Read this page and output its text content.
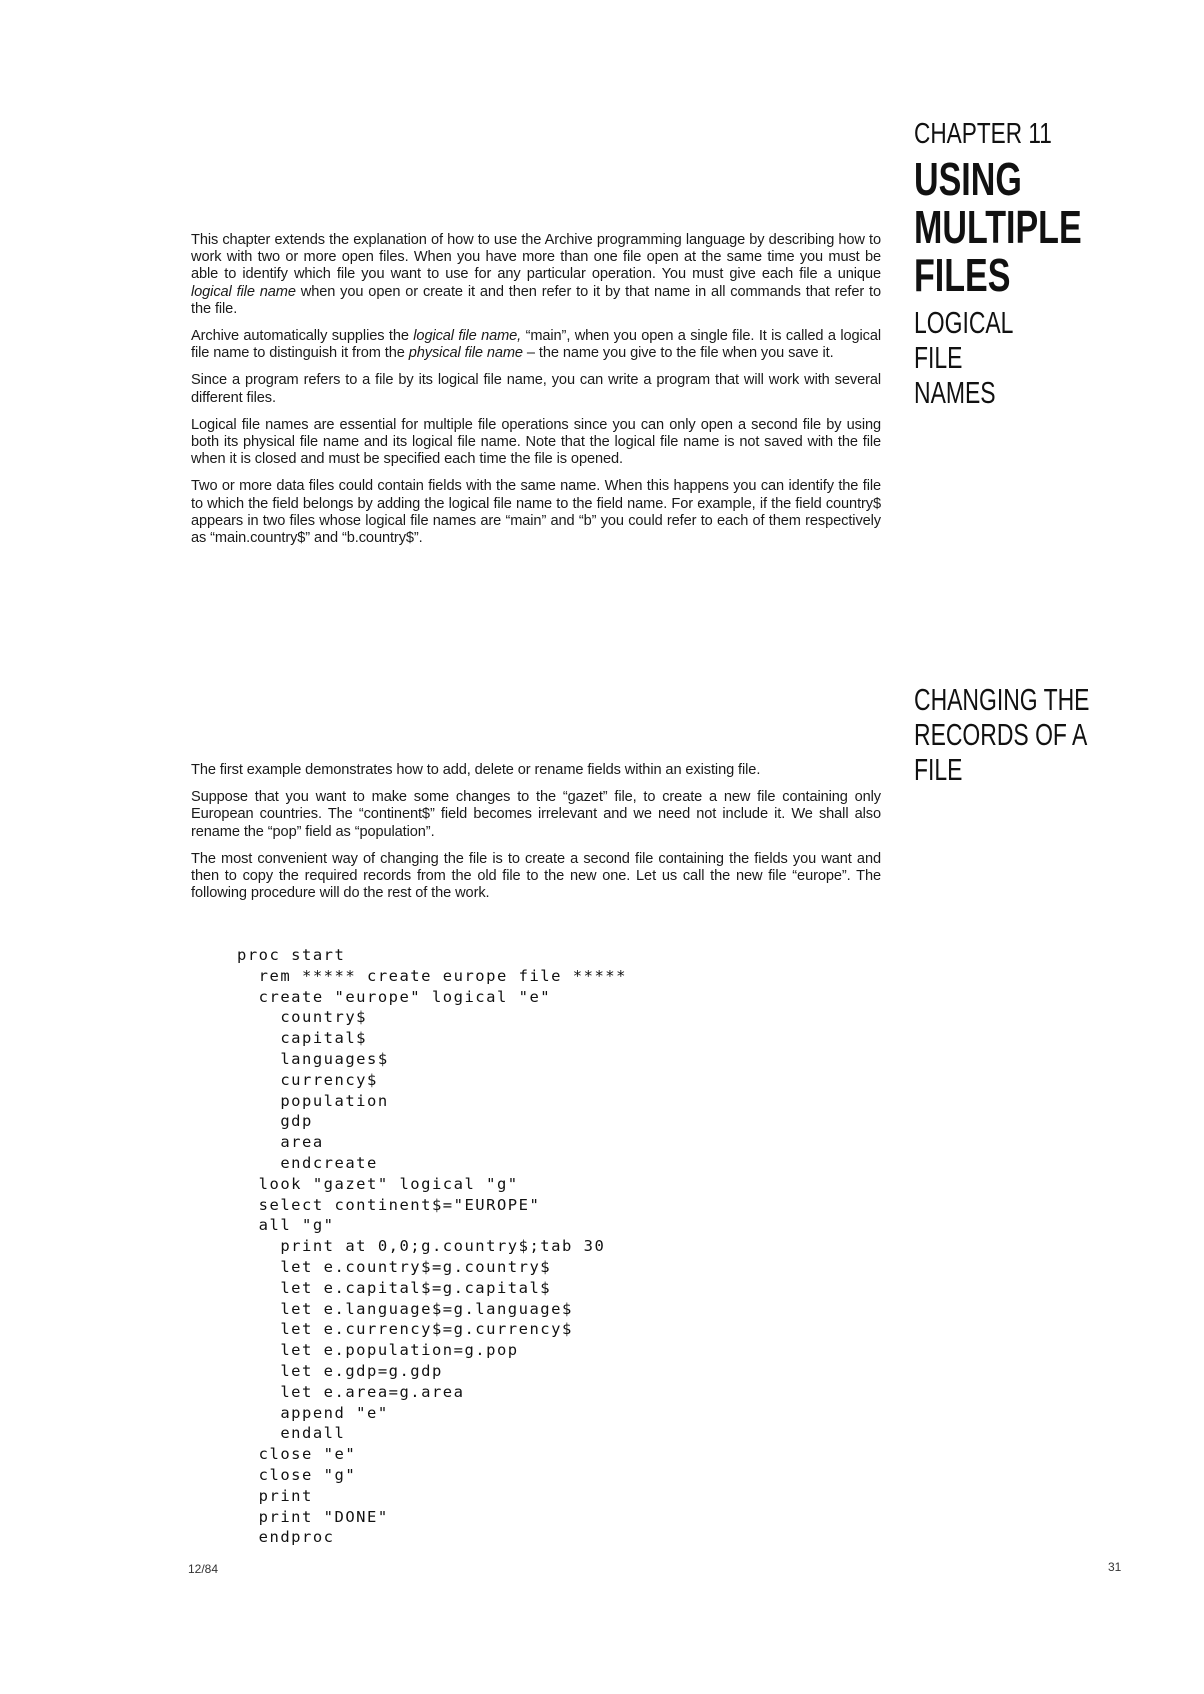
CHAPTER 11
USING
MULTIPLE
FILES
LOGICAL
FILE
NAMES
CHANGING THE
RECORDS OF A
FILE

This chapter extends the explanation of how to use the Archive programming language by describing how to work with two or more open files. When you have more than one file open at the same time you must be able to identify which file you want to use for any particular operation. You must give each file a unique logical file name when you open or create it and then refer to it by that name in all commands that refer to the file.

Archive automatically supplies the logical file name, “main”, when you open a single file. It is called a logical file name to distinguish it from the physical file name – the name you give to the file when you save it.

Since a program refers to a file by its logical file name, you can write a program that will work with several different files.

Logical file names are essential for multiple file operations since you can only open a second file by using both its physical file name and its logical file name. Note that the logical file name is not saved with the file when it is closed and must be specified each time the file is opened.

Two or more data files could contain fields with the same name. When this happens you can identify the file to which the field belongs by adding the logical file name to the field name. For example, if the field country$ appears in two files whose logical file names are “main” and “b” you could refer to each of them respectively as “main.country$” and “b.country$”.

The first example demonstrates how to add, delete or rename fields within an existing file.

Suppose that you want to make some changes to the “gazet” file, to create a new file containing only European countries. The “continent$” field becomes irrelevant and we need not include it. We shall also rename the “pop” field as “population”.

The most convenient way of changing the file is to create a second file containing the fields you want and then to copy the required records from the old file to the new one. Let us call the new file “europe”. The following procedure will do the rest of the work.

proc start
rem ***** create europe file *****
create "europe" logical "e"
country$
capital$
languages$
currency$
population
gdp
area
endcreate
look "gazet" logical "g"
select continent$="EUROPE"
all "g"
print at 0,0;g.country$;tab 30
let e.country$=g.country$
let e.capital$=g.capital$
let e.language$=g.language$
let e.currency$=g.currency$
let e.population=g.pop
let e.gdp=g.gdp
let e.area=g.area
append "e"
endall
close "e"
close "g"
print
print "DONE"
endproc
12/84	31
